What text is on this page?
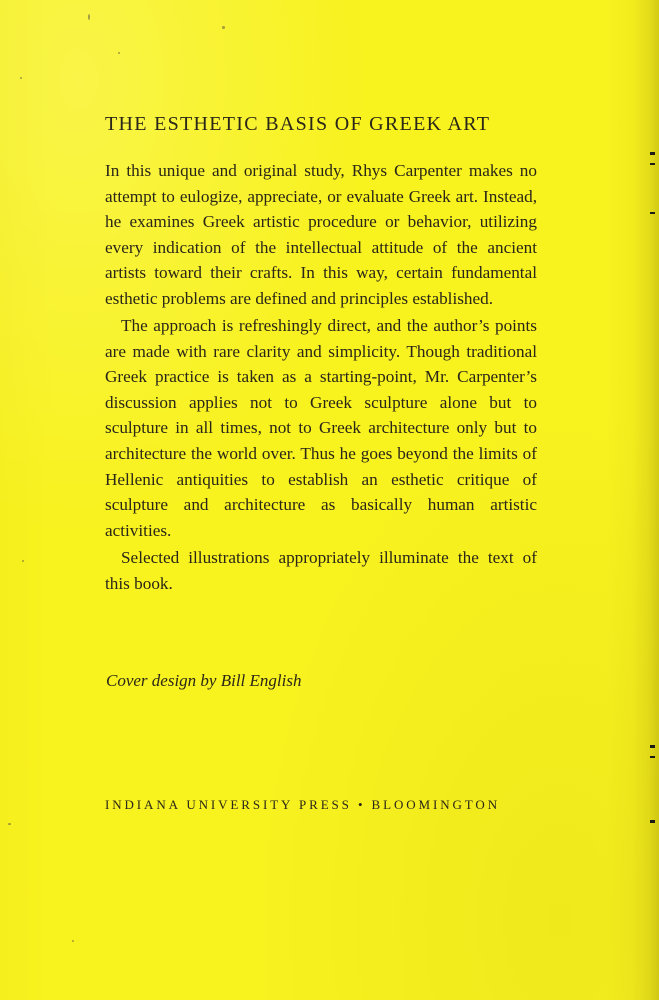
THE ESTHETIC BASIS OF GREEK ART

In this unique and original study, Rhys Carpenter makes no attempt to eulogize, appreciate, or evaluate Greek art. Instead, he examines Greek artistic procedure or behavior, utilizing every indication of the intellectual attitude of the ancient artists toward their crafts. In this way, certain fundamental esthetic problems are defined and principles established.

The approach is refreshingly direct, and the author’s points are made with rare clarity and simplicity. Though traditional Greek practice is taken as a starting-point, Mr. Carpenter’s discussion applies not to Greek sculpture alone but to sculpture in all times, not to Greek architecture only but to architecture the world over. Thus he goes beyond the limits of Hellenic antiquities to establish an esthetic critique of sculpture and architecture as basically human artistic activities.

Selected illustrations appropriately illuminate the text of this book.

Cover design by Bill English

INDIANA UNIVERSITY PRESS • BLOOMINGTON
